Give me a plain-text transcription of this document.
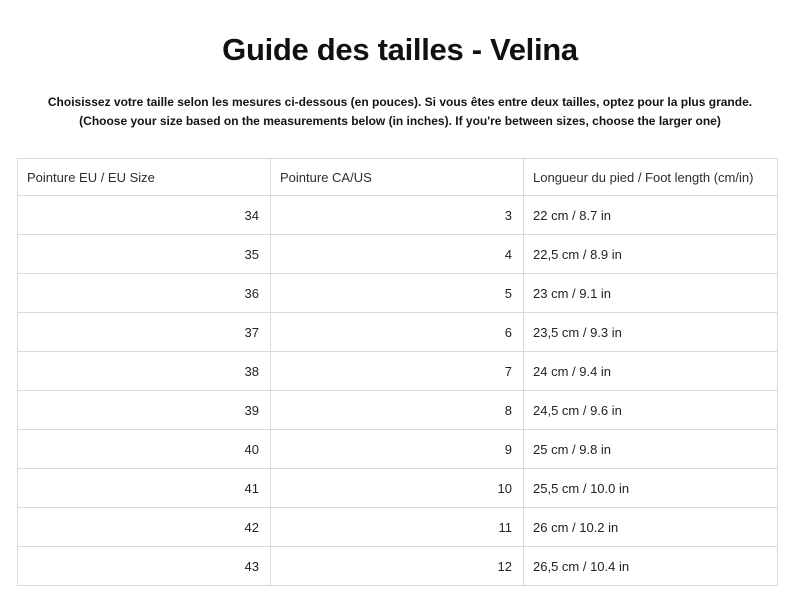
Guide des tailles - Velina

Choisissez votre taille selon les mesures ci-dessous (en pouces). Si vous êtes entre deux tailles, optez pour la plus grande.
(Choose your size based on the measurements below (in inches). If you're between sizes, choose the larger one)

Pointure EU / EU Size	Pointure CA/US	Longueur du pied / Foot length (cm/in)
34	3	22 cm / 8.7 in
35	4	22,5 cm / 8.9 in
36	5	23 cm / 9.1 in
37	6	23,5 cm / 9.3 in
38	7	24 cm / 9.4 in
39	8	24,5 cm / 9.6 in
40	9	25 cm / 9.8 in
41	10	25,5 cm / 10.0 in
42	11	26 cm / 10.2 in
43	12	26,5 cm / 10.4 in
